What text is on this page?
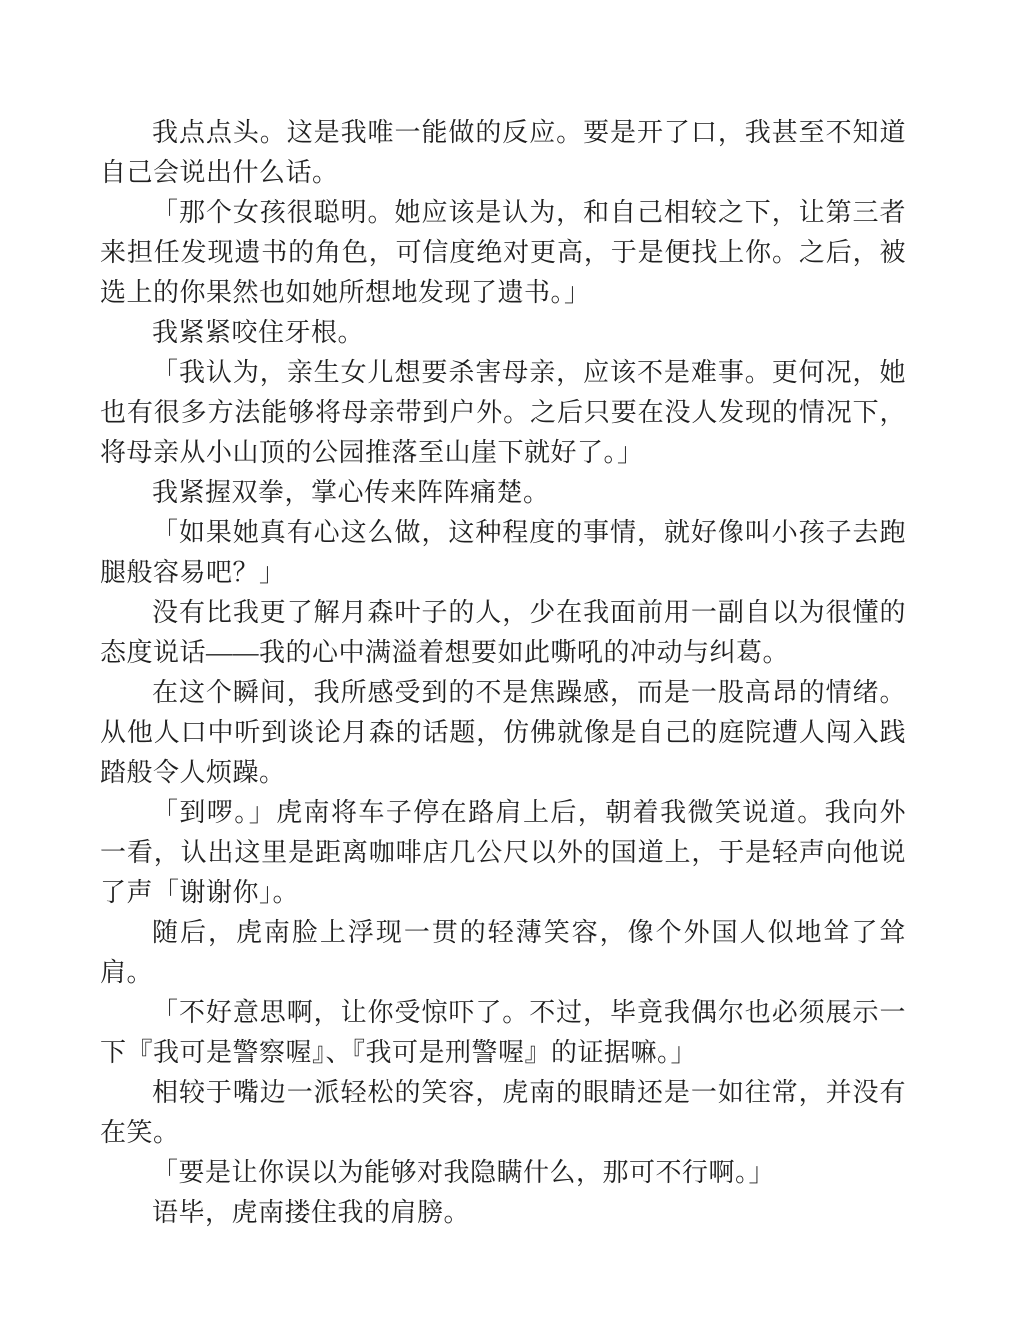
我点点头。这是我唯一能做的反应。要是开了口，我甚至不知道自己会说出什么话。

「那个女孩很聪明。她应该是认为，和自己相较之下，让第三者来担任发现遗书的角色，可信度绝对更高，于是便找上你。之后，被选上的你果然也如她所想地发现了遗书。」

我紧紧咬住牙根。

「我认为，亲生女儿想要杀害母亲，应该不是难事。更何况，她也有很多方法能够将母亲带到户外。之后只要在没人发现的情况下，将母亲从小山顶的公园推落至山崖下就好了。」

我紧握双拳，掌心传来阵阵痛楚。

「如果她真有心这么做，这种程度的事情，就好像叫小孩子去跑腿般容易吧？」

没有比我更了解月森叶子的人，少在我面前用一副自以为很懂的态度说话——我的心中满溢着想要如此嘶吼的冲动与纠葛。

在这个瞬间，我所感受到的不是焦躁感，而是一股高昂的情绪。从他人口中听到谈论月森的话题，仿佛就像是自己的庭院遭人闯入践踏般令人烦躁。

「到啰。」虎南将车子停在路肩上后，朝着我微笑说道。我向外一看，认出这里是距离咖啡店几公尺以外的国道上，于是轻声向他说了声「谢谢你」。

随后，虎南脸上浮现一贯的轻薄笑容，像个外国人似地耸了耸肩。

「不好意思啊，让你受惊吓了。不过，毕竟我偶尔也必须展示一下『我可是警察喔』、『我可是刑警喔』的证据嘛。」

相较于嘴边一派轻松的笑容，虎南的眼睛还是一如往常，并没有在笑。

「要是让你误以为能够对我隐瞒什么，那可不行啊。」

语毕，虎南搂住我的肩膀。
